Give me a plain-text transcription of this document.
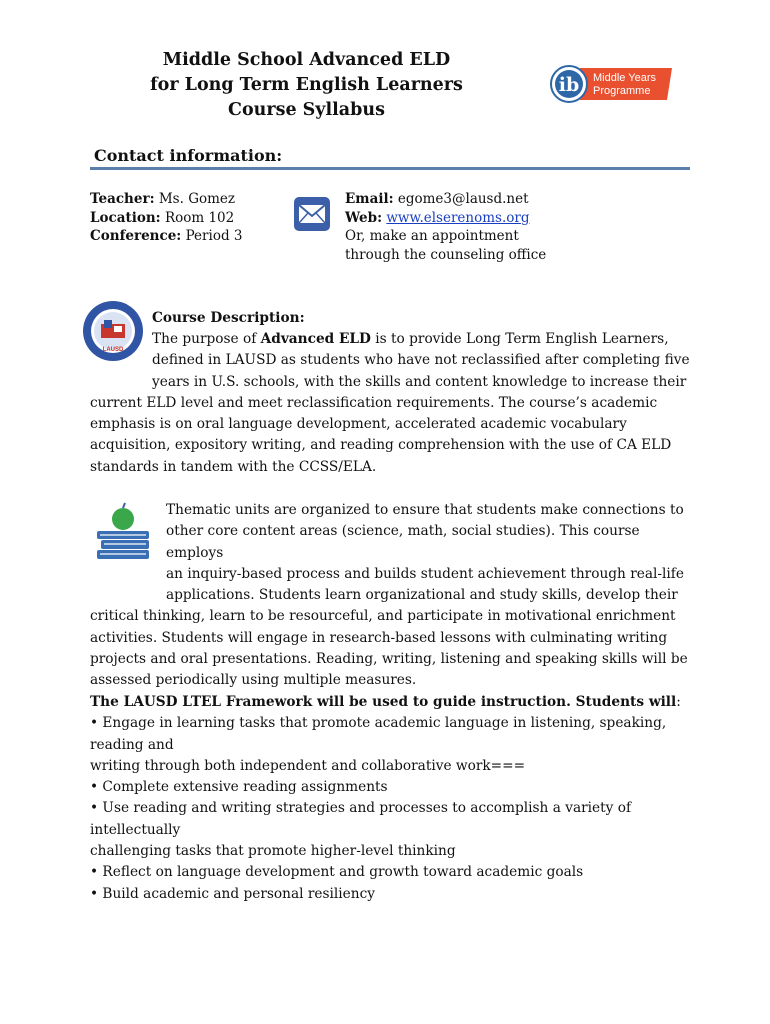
Middle School Advanced ELD
for Long Term English Learners
Course Syllabus
ib Middle Years
Programme
Contact information:
Teacher: Ms. Gomez
Location: Room 102
Conference: Period 3
Email: egome3@lausd.net
Web: www.elserenoms.org
Or, make an appointment
through the counseling office
LAUSD
Course Description:
The purpose of Advanced ELD is to provide Long Term English Learners,
defined in LAUSD as students who have not reclassified after completing five
years in U.S. schools, with the skills and content knowledge to increase their
current ELD level and meet reclassification requirements. The course’s academic
emphasis is on oral language development, accelerated academic vocabulary
acquisition, expository writing, and reading comprehension with the use of CA ELD
standards in tandem with the CCSS/ELA.
Thematic units are organized to ensure that students make connections to
other core content areas (science, math, social studies). This course employs
an inquiry-based process and builds student achievement through real-life
applications. Students learn organizational and study skills, develop their
critical thinking, learn to be resourceful, and participate in motivational enrichment
activities. Students will engage in research-based lessons with culminating writing
projects and oral presentations. Reading, writing, listening and speaking skills will be
assessed periodically using multiple measures.
The LAUSD LTEL Framework will be used to guide instruction. Students will:
• Engage in learning tasks that promote academic language in listening, speaking,
reading and
writing through both independent and collaborative work===
• Complete extensive reading assignments
• Use reading and writing strategies and processes to accomplish a variety of
intellectually
challenging tasks that promote higher-level thinking
• Reflect on language development and growth toward academic goals
• Build academic and personal resiliency
